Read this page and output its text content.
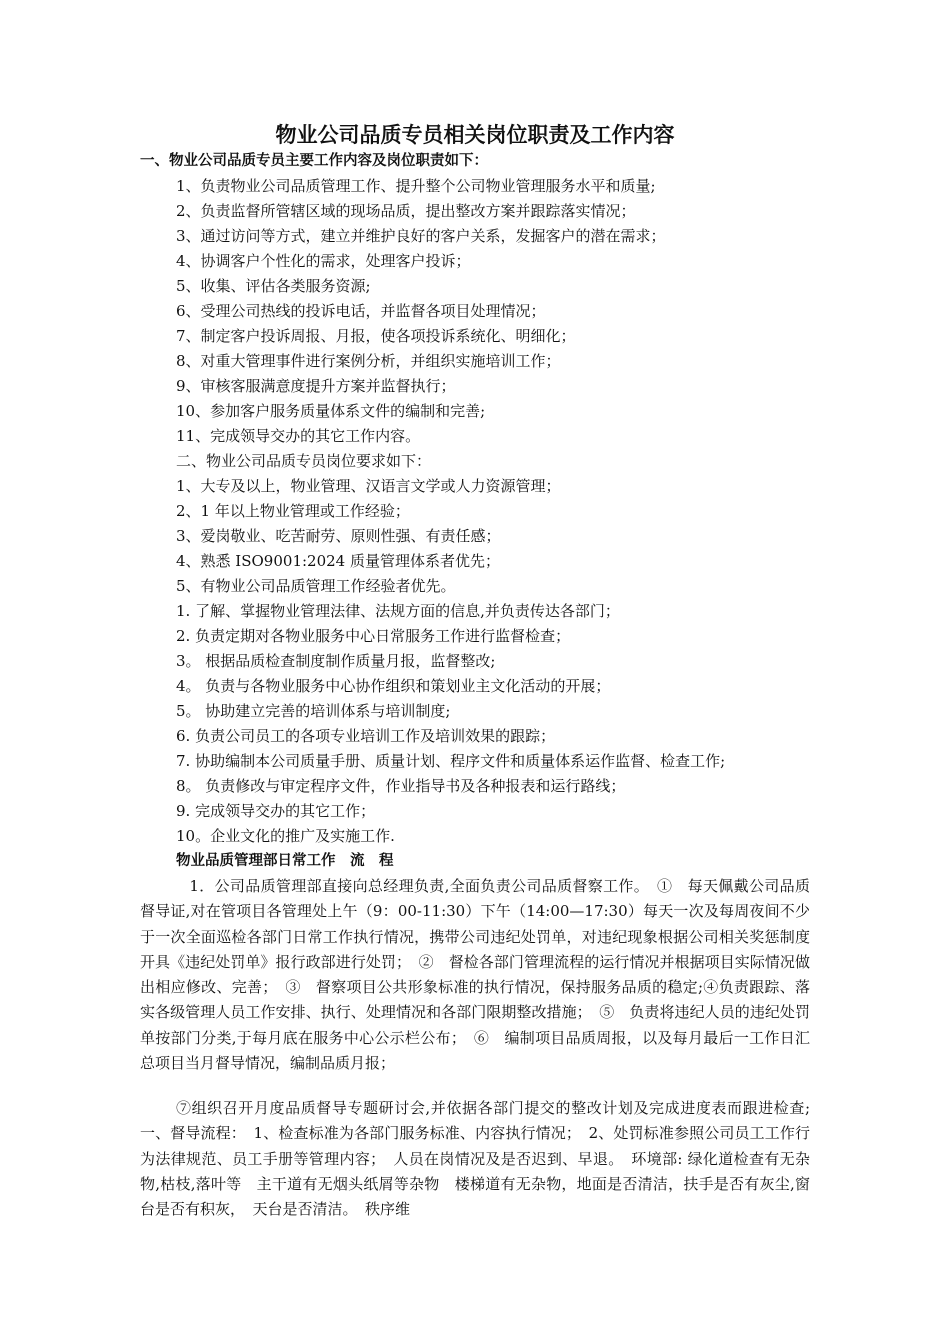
物业公司品质专员相关岗位职责及工作内容
一、物业公司品质专员主要工作内容及岗位职责如下：
1、负责物业公司品质管理工作、提升整个公司物业管理服务水平和质量;
2、负责监督所管辖区域的现场品质，提出整改方案并跟踪落实情况；
3、通过访问等方式，建立并维护良好的客户关系，发掘客户的潜在需求；
4、协调客户个性化的需求，处理客户投诉；
5、收集、评估各类服务资源;
6、受理公司热线的投诉电话，并监督各项目处理情况；
7、制定客户投诉周报、月报，使各项投诉系统化、明细化；
8、对重大管理事件进行案例分析，并组织实施培训工作；
9、审核客服满意度提升方案并监督执行；
10、参加客户服务质量体系文件的编制和完善;
11、完成领导交办的其它工作内容。
二、物业公司品质专员岗位要求如下：
1、大专及以上，物业管理、汉语言文学或人力资源管理；
2、1 年以上物业管理或工作经验；
3、爱岗敬业、吃苦耐劳、原则性强、有责任感；
4、熟悉 ISO9001:2024 质量管理体系者优先；
5、有物业公司品质管理工作经验者优先。
1. 了解、掌握物业管理法律、法规方面的信息,并负责传达各部门；
2. 负责定期对各物业服务中心日常服务工作进行监督检查；
3。 根据品质检查制度制作质量月报，监督整改;
4。 负责与各物业服务中心协作组织和策划业主文化活动的开展；
5。 协助建立完善的培训体系与培训制度;
6. 负责公司员工的各项专业培训工作及培训效果的跟踪；
7. 协助编制本公司质量手册、质量计划、程序文件和质量体系运作监督、检查工作;
8。 负责修改与审定程序文件，作业指导书及各种报表和运行路线；
9. 完成领导交办的其它工作；
10。企业文化的推广及实施工作.
物业品质管理部日常工作　流　程

　1．公司品质管理部直接向总经理负责,全面负责公司品质督察工作。　①　每天佩戴公司品质督导证,对在管项目各管理处上午（9：00-11:30）下午（14:00—17:30）每天一次及每周夜间不少于一次全面巡检各部门日常工作执行情况，携带公司违纪处罚单，对违纪现象根据公司相关奖惩制度开具《违纪处罚单》报行政部进行处罚；　②　督检各部门管理流程的运行情况并根据项目实际情况做出相应修改、完善；　③　督察项目公共形象标准的执行情况，保持服务品质的稳定;④负责跟踪、落实各级管理人员工作安排、执行、处理情况和各部门限期整改措施；　⑤　负责将违纪人员的违纪处罚单按部门分类,于每月底在服务中心公示栏公布；　⑥　编制项目品质周报，以及每月最后一工作日汇总项目当月督导情况，编制品质月报；

⑦组织召开月度品质督导专题研讨会,并依据各部门提交的整改计划及完成进度表而跟进检查;一、督导流程：　1、检查标准为各部门服务标准、内容执行情况；　2、处罚标准参照公司员工工作行为法律规范、员工手册等管理内容；　人员在岗情况及是否迟到、早退。　环境部: 绿化道检查有无杂物,枯枝,落叶等　主干道有无烟头纸屑等杂物　楼梯道有无杂物，地面是否清洁，扶手是否有灰尘,窗台是否有积灰，　天台是否清洁。　秩序维
